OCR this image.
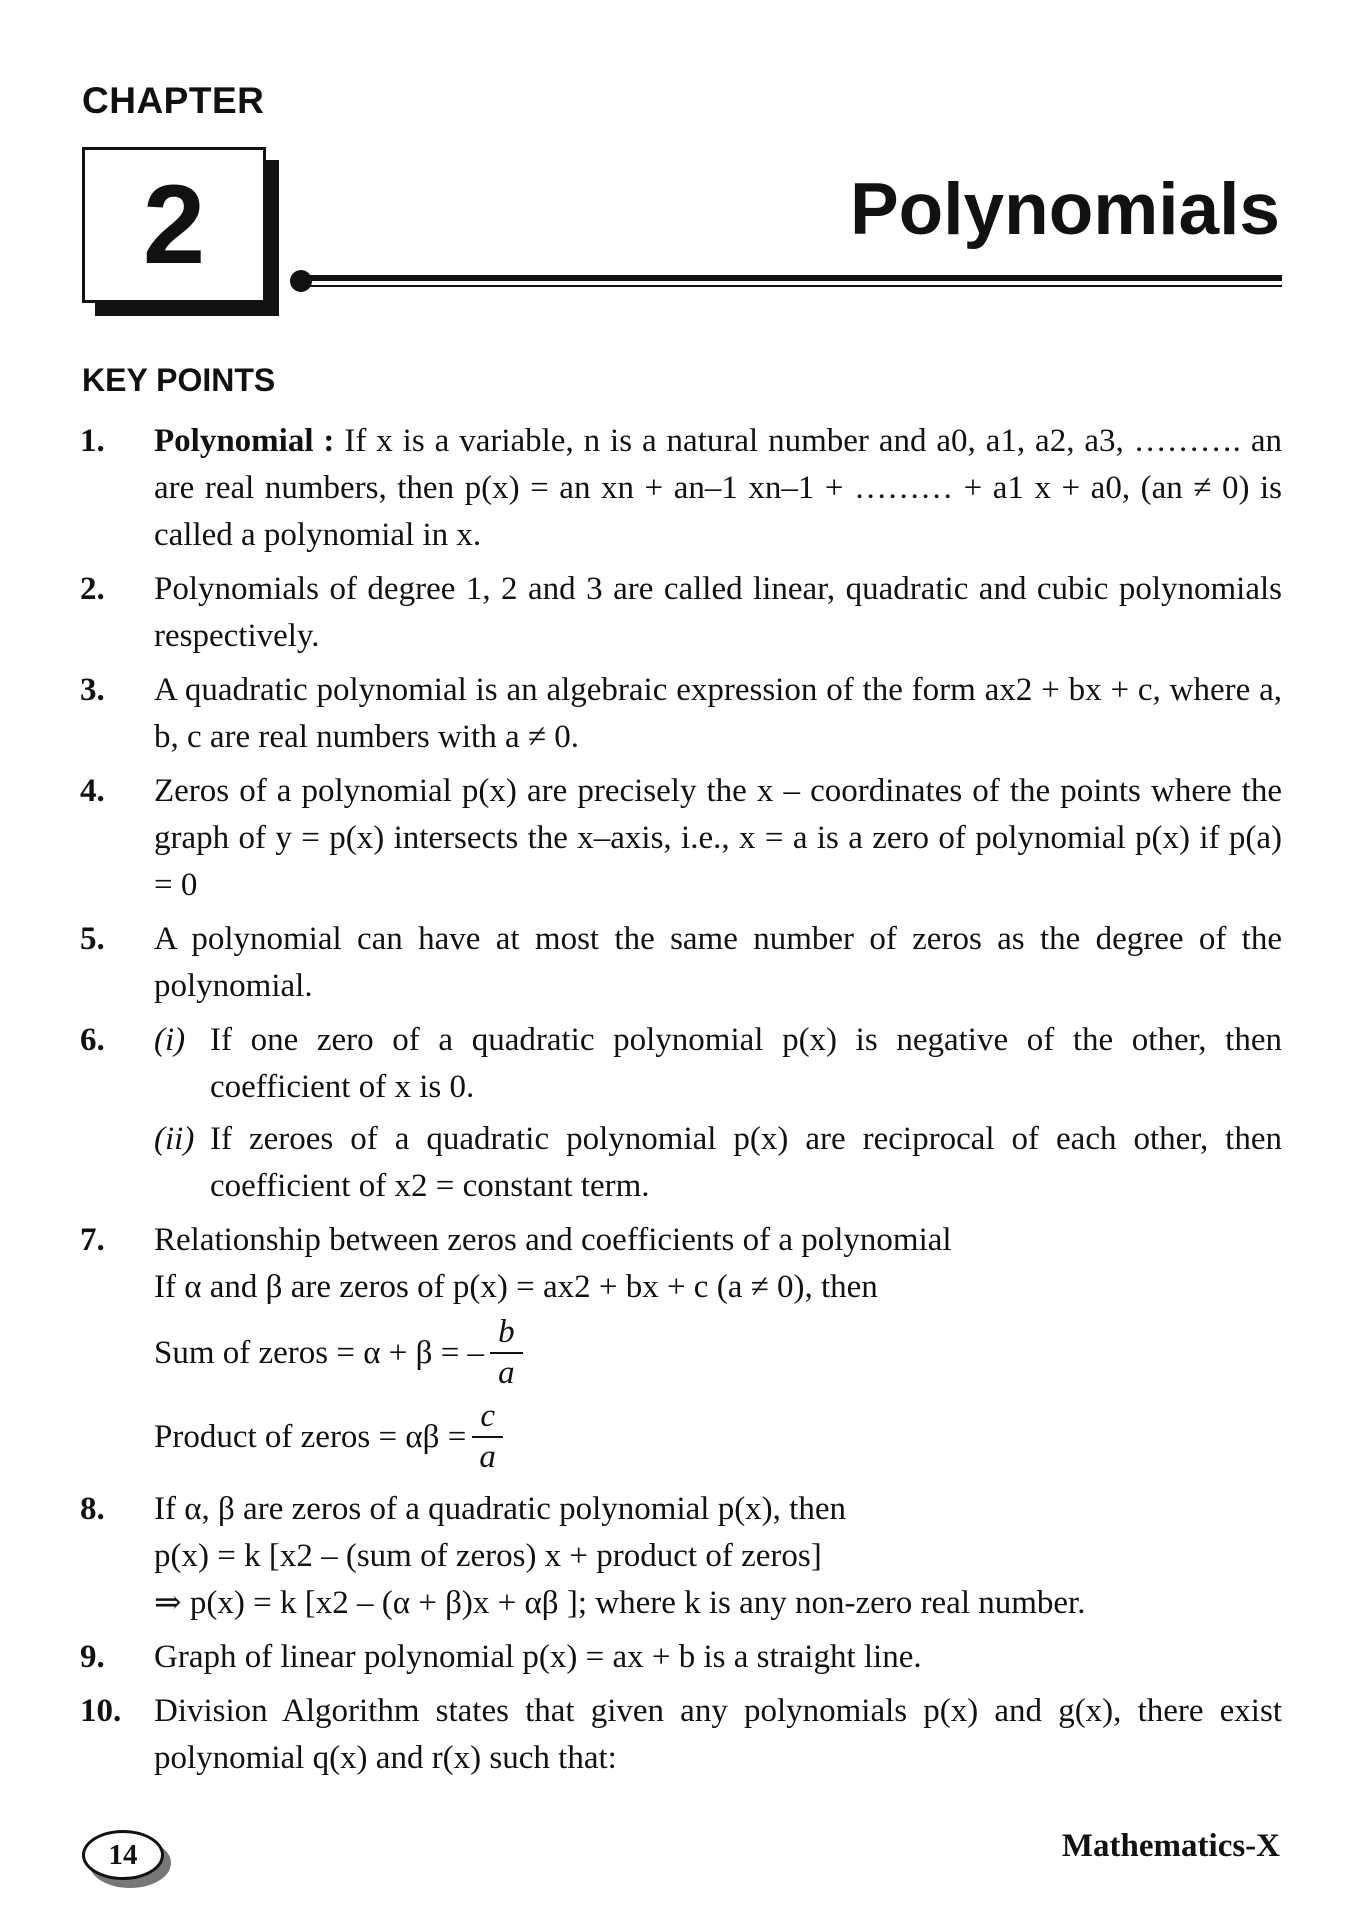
CHAPTER
2	Polynomials
KEY POINTS
1.	Polynomial : If x is a variable, n is a natural number and a0, a1, a2, a3, ………. an are real numbers, then p(x) = an xn + an–1 xn–1 + ……… + a1 x + a0, (an ≠ 0) is called a polynomial in x.
2.	Polynomials of degree 1, 2 and 3 are called linear, quadratic and cubic polynomials respectively.
3.	A quadratic polynomial is an algebraic expression of the form ax2 + bx + c, where a, b, c are real numbers with a ≠ 0.
4.	Zeros of a polynomial p(x) are precisely the x – coordinates of the points where the graph of y = p(x) intersects the x–axis, i.e., x = a is a zero of polynomial p(x) if p(a) = 0
5.	A polynomial can have at most the same number of zeros as the degree of the polynomial.
6.	(i) If one zero of a quadratic polynomial p(x) is negative of the other, then coefficient of x is 0.
(ii) If zeroes of a quadratic polynomial p(x) are reciprocal of each other, then coefficient of x2 = constant term.
7.	Relationship between zeros and coefficients of a polynomial
If α and β are zeros of p(x) = ax2 + bx + c (a ≠ 0), then
Sum of zeros = α + β = – $\frac{b}{a}$
Product of zeros = $\alpha\beta = \frac{c}{a}$
8.	If α, β are zeros of a quadratic polynomial p(x), then
p(x) = k [x2 – (sum of zeros) x + product of zeros]
⇒ p(x) = k [x2 – (α + β)x + αβ ]; where k is any non-zero real number.
9.	Graph of linear polynomial p(x) = ax + b is a straight line.
10. Division Algorithm states that given any polynomials p(x) and g(x), there exist polynomial q(x) and r(x) such that:
14	Mathematics-X
